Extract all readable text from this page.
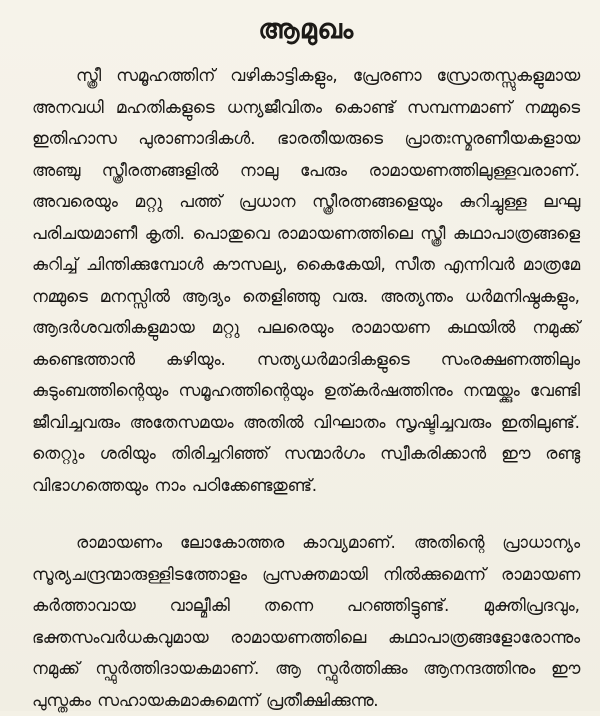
ആമുഖം

സ്ത്രീ സമൂഹത്തിന് വഴികാട്ടികളും, പ്രേരണാ സ്രോതസ്സുകളുമായ അനവധി മഹതികളുടെ ധന്യജീവിതം കൊണ്ട് സമ്പന്നമാണ് നമ്മുടെ ഇതിഹാസ പുരാണാദികൾ. ഭാരതീയരുടെ പ്രാതഃസ്മരണീയകളായ അഞ്ചു സ്ത്രീരത്നങ്ങളിൽ നാലു പേരും രാമായണത്തിലുള്ളവരാണ്. അവരെയും മറ്റു പത്ത് പ്രധാന സ്ത്രീരത്നങ്ങളെയും കുറിച്ചുള്ള ലഘു പരിചയമാണീ കൃതി. പൊതുവെ രാമായണത്തിലെ സ്ത്രീ കഥാപാത്രങ്ങളെ കുറിച്ച് ചിന്തിക്കുമ്പോൾ കൗസല്യ, കൈകേയി, സീത എന്നിവർ മാത്രമേ നമ്മുടെ മനസ്സിൽ ആദ്യം തെളിഞ്ഞു വരു. അത്യന്തം ധർമനിഷ്ഠകളും, ആദർശവതികളുമായ മറ്റു പലരെയും രാമായണ കഥയിൽ നമുക്ക് കണ്ടെത്താൻ കഴിയും. സത്യധർമാദികളുടെ സംരക്ഷണത്തിലും കുടുംബത്തിന്റെയും സമൂഹത്തിന്റെയും ഉത്കർഷത്തിനും നന്മയ്ക്കും വേണ്ടി ജീവിച്ചവരും അതേസമയം അതിൽ വിഘാതം സൃഷ്ടിച്ചവരും ഇതിലുണ്ട്. തെറ്റും ശരിയും തിരിച്ചറിഞ്ഞ് സന്മാർഗം സ്വീകരിക്കാൻ ഈ രണ്ടു വിഭാഗത്തെയും നാം പഠിക്കേണ്ടതുണ്ട്.

രാമായണം ലോകോത്തര കാവ്യമാണ്. അതിന്റെ പ്രാധാന്യം സൂര്യചന്ദ്രന്മാരുള്ളിടത്തോളം പ്രസക്തമായി നിൽക്കുമെന്ന് രാമായണ കർത്താവായ വാല്മീകി തന്നെ പറഞ്ഞിട്ടുണ്ട്. മുക്തിപ്രദവും, ഭക്തസംവർധകവുമായ രാമായണത്തിലെ കഥാപാത്രങ്ങളോരോന്നും നമുക്ക് സ്ഫുർത്തിദായകമാണ്. ആ സ്ഫുർത്തിക്കും ആനന്ദത്തിനും ഈ പുസ്തകം സഹായകമാകുമെന്ന് പ്രതീക്ഷിക്കുന്നു.
